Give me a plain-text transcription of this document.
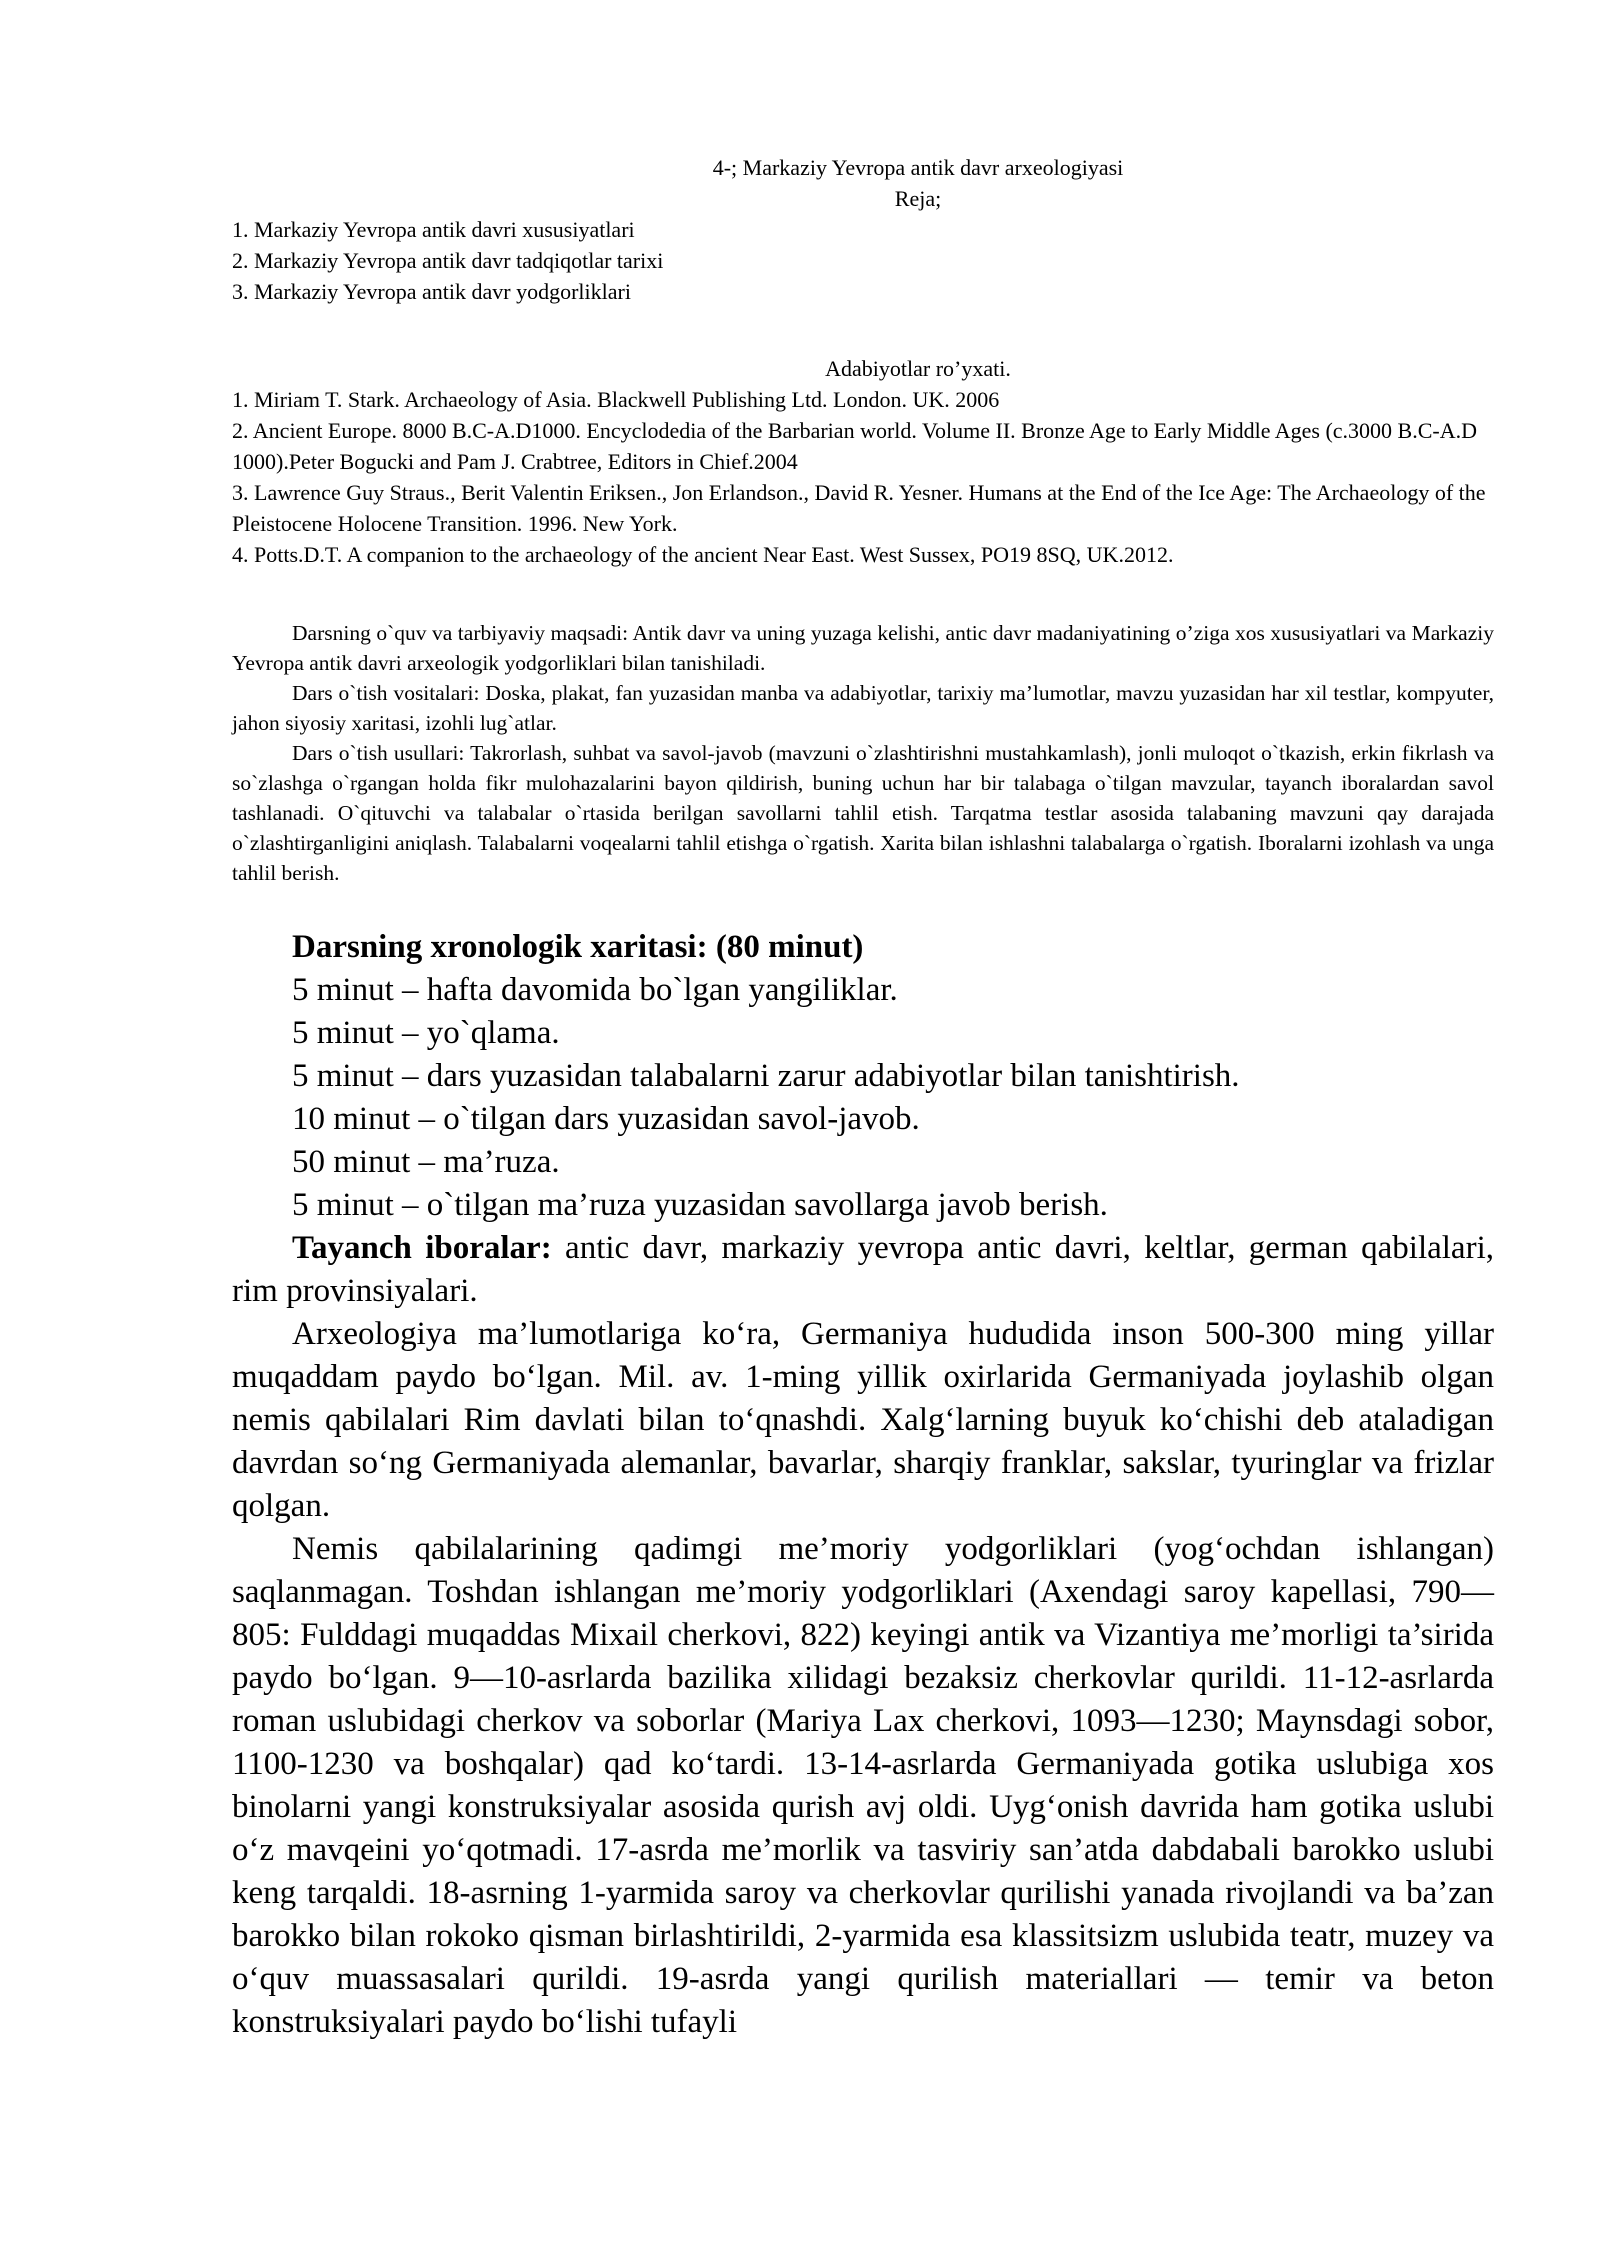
4-; Markaziy Yevropa antik davr arxeologiyasi
Reja;
1. Markaziy Yevropa antik davri xususiyatlari
2. Markaziy Yevropa antik davr tadqiqotlar tarixi
3. Markaziy Yevropa antik davr yodgorliklari
Adabiyotlar ro’yxati.

1. Miriam T. Stark. Archaeology of Asia. Blackwell Publishing Ltd. London. UK. 2006

2. Ancient Europe. 8000 B.C-A.D1000. Encyclodedia of the Barbarian world. Volume II. Bronze Age to Early Middle Ages (c.3000 B.C-A.D 1000).Peter Bogucki and Pam J. Crabtree, Editors in Chief.2004

3. Lawrence Guy Straus., Berit Valentin Eriksen., Jon Erlandson., David R. Yesner. Humans at the End of the Ice Age: The Archaeology of the Pleistocene Holocene Transition. 1996. New York.

4. Potts.D.T. A companion to the archaeology of the ancient Near East. West Sussex, PO19 8SQ, UK.2012.

Darsning o`quv va tarbiyaviy maqsadi: Antik davr va uning yuzaga kelishi, antic davr madaniyatining o’ziga xos xususiyatlari va Markaziy Yevropa antik davri arxeologik yodgorliklari bilan tanishiladi.

Dars o`tish vositalari: Doska, plakat, fan yuzasidan manba va adabiyotlar, tarixiy ma’lumotlar, mavzu yuzasidan har xil testlar, kompyuter, jahon siyosiy xaritasi, izohli lug`atlar.

Dars o`tish usullari: Takrorlash, suhbat va savol-javob (mavzuni o`zlashtirishni mustahkamlash), jonli muloqot o`tkazish, erkin fikrlash va so`zlashga o`rgangan holda fikr mulohazalarini bayon qildirish, buning uchun har bir talabaga o`tilgan mavzular, tayanch iboralardan savol tashlanadi. O`qituvchi va talabalar o`rtasida berilgan savollarni tahlil etish. Tarqatma testlar asosida talabaning mavzuni qay darajada o`zlashtirganligini aniqlash. Talabalarni voqealarni tahlil etishga o`rgatish. Xarita bilan ishlashni talabalarga o`rgatish. Iboralarni izohlash va unga tahlil berish.

Darsning xronologik xaritasi: (80 minut)
5 minut – hafta davomida bo`lgan yangiliklar.
5 minut – yo`qlama.
5 minut – dars yuzasidan talabalarni zarur adabiyotlar bilan tanishtirish.
10 minut – o`tilgan dars yuzasidan savol-javob.
50 minut – ma’ruza.
5 minut – o`tilgan ma’ruza yuzasidan savollarga javob berish.

Tayanch iboralar: antic davr, markaziy yevropa antic davri, keltlar, german qabilalari, rim provinsiyalari.

Arxeologiya ma’lumotlariga ko‘ra, Germaniya hududida inson 500-300 ming yillar muqaddam paydo bo‘lgan. Mil. av. 1-ming yillik oxirlarida Germaniyada joylashib olgan nemis qabilalari Rim davlati bilan to‘qnashdi. Xalg‘larning buyuk ko‘chishi deb ataladigan davrdan so‘ng Germaniyada alemanlar, bavarlar, sharqiy franklar, sakslar, tyuringlar va frizlar qolgan.

Nemis qabilalarining qadimgi me’moriy yodgorliklari (yog‘ochdan ishlangan) saqlanmagan. Toshdan ishlangan me’moriy yodgorliklari (Axendagi saroy kapellasi, 790—805: Fulddagi muqaddas Mixail cherkovi, 822) keyingi antik va Vizantiya me’morligi ta’sirida paydo bo‘lgan. 9—10-asrlarda bazilika xilidagi bezaksiz cherkovlar qurildi. 11-12-asrlarda roman uslubidagi cherkov va soborlar (Mariya Lax cherkovi, 1093—1230; Maynsdagi sobor, 1100-1230 va boshqalar) qad ko‘tardi. 13-14-asrlarda Germaniyada gotika uslubiga xos binolarni yangi konstruksiyalar asosida qurish avj oldi. Uyg‘onish davrida ham gotika uslubi o‘z mavqeini yo‘qotmadi. 17-asrda me’morlik va tasviriy san’atda dabdabali barokko uslubi keng tarqaldi. 18-asrning 1-yarmida saroy va cherkovlar qurilishi yanada rivojlandi va ba’zan barokko bilan rokoko qisman birlashtirildi, 2-yarmida esa klassitsizm uslubida teatr, muzey va o‘quv muassasalari qurildi. 19-asrda yangi qurilish materiallari — temir va beton konstruksiyalari paydo bo‘lishi tufayli
